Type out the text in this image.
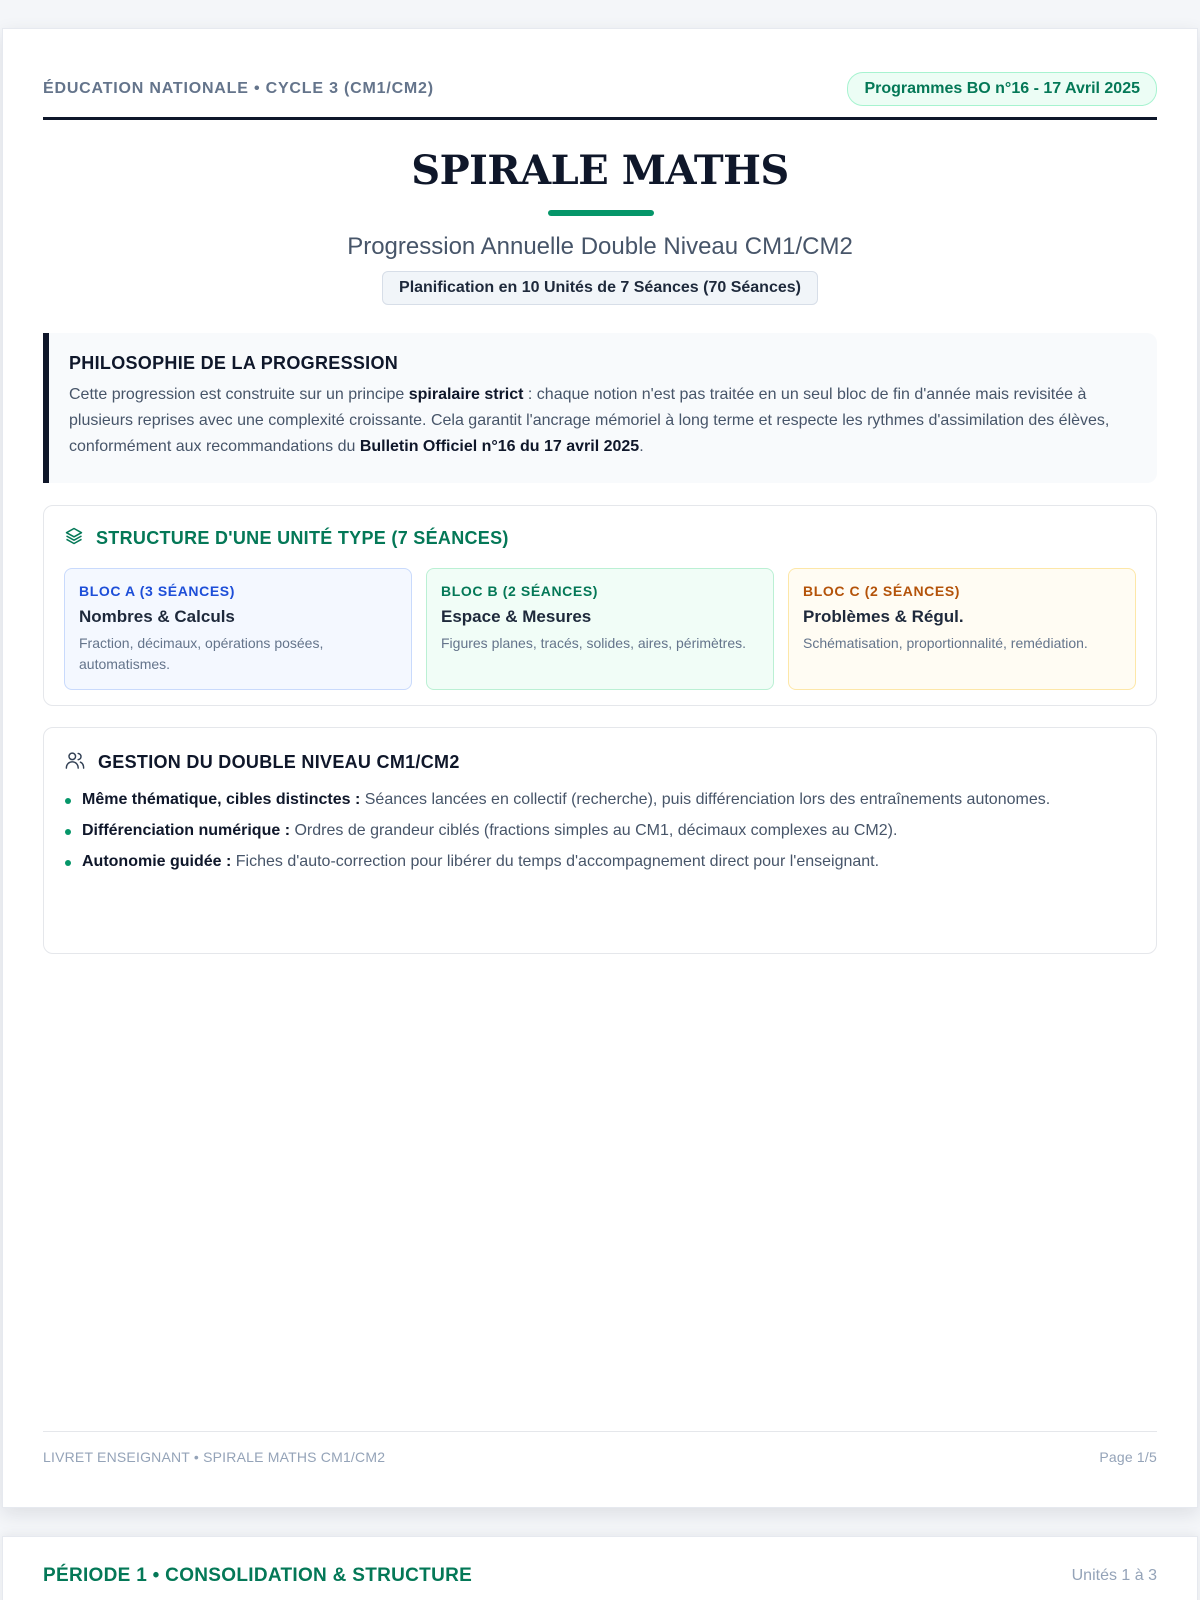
ÉDUCATION NATIONALE • CYCLE 3 (CM1/CM2)	Programmes BO n°16 - 17 Avril 2025
SPIRALE MATHS
Progression Annuelle Double Niveau CM1/CM2
Planification en 10 Unités de 7 Séances (70 Séances)
PHILOSOPHIE DE LA PROGRESSION

Cette progression est construite sur un principe spiralaire strict : chaque notion n'est pas traitée en un seul bloc de fin d'année mais revisitée à plusieurs reprises avec une complexité croissante. Cela garantit l'ancrage mémoriel à long terme et respecte les rythmes d'assimilation des élèves, conformément aux recommandations du Bulletin Officiel n°16 du 17 avril 2025.

STRUCTURE D'UNE UNITÉ TYPE (7 SÉANCES)
BLOC A (3 SÉANCES)
Nombres & Calculs
Fraction, décimaux, opérations posées, automatismes.
BLOC B (2 SÉANCES)
Espace & Mesures
Figures planes, tracés, solides, aires, périmètres.
BLOC C (2 SÉANCES)
Problèmes & Régul.
Schématisation, proportionnalité, remédiation.
GESTION DU DOUBLE NIVEAU CM1/CM2
Même thématique, cibles distinctes : Séances lancées en collectif (recherche), puis différenciation lors des entraînements autonomes.
Différenciation numérique : Ordres de grandeur ciblés (fractions simples au CM1, décimaux complexes au CM2).
Autonomie guidée : Fiches d'auto-correction pour libérer du temps d'accompagnement direct pour l'enseignant.
LIVRET ENSEIGNANT • SPIRALE MATHS CM1/CM2	Page 1/5
PÉRIODE 1 • CONSOLIDATION & STRUCTURE	Unités 1 à 3
